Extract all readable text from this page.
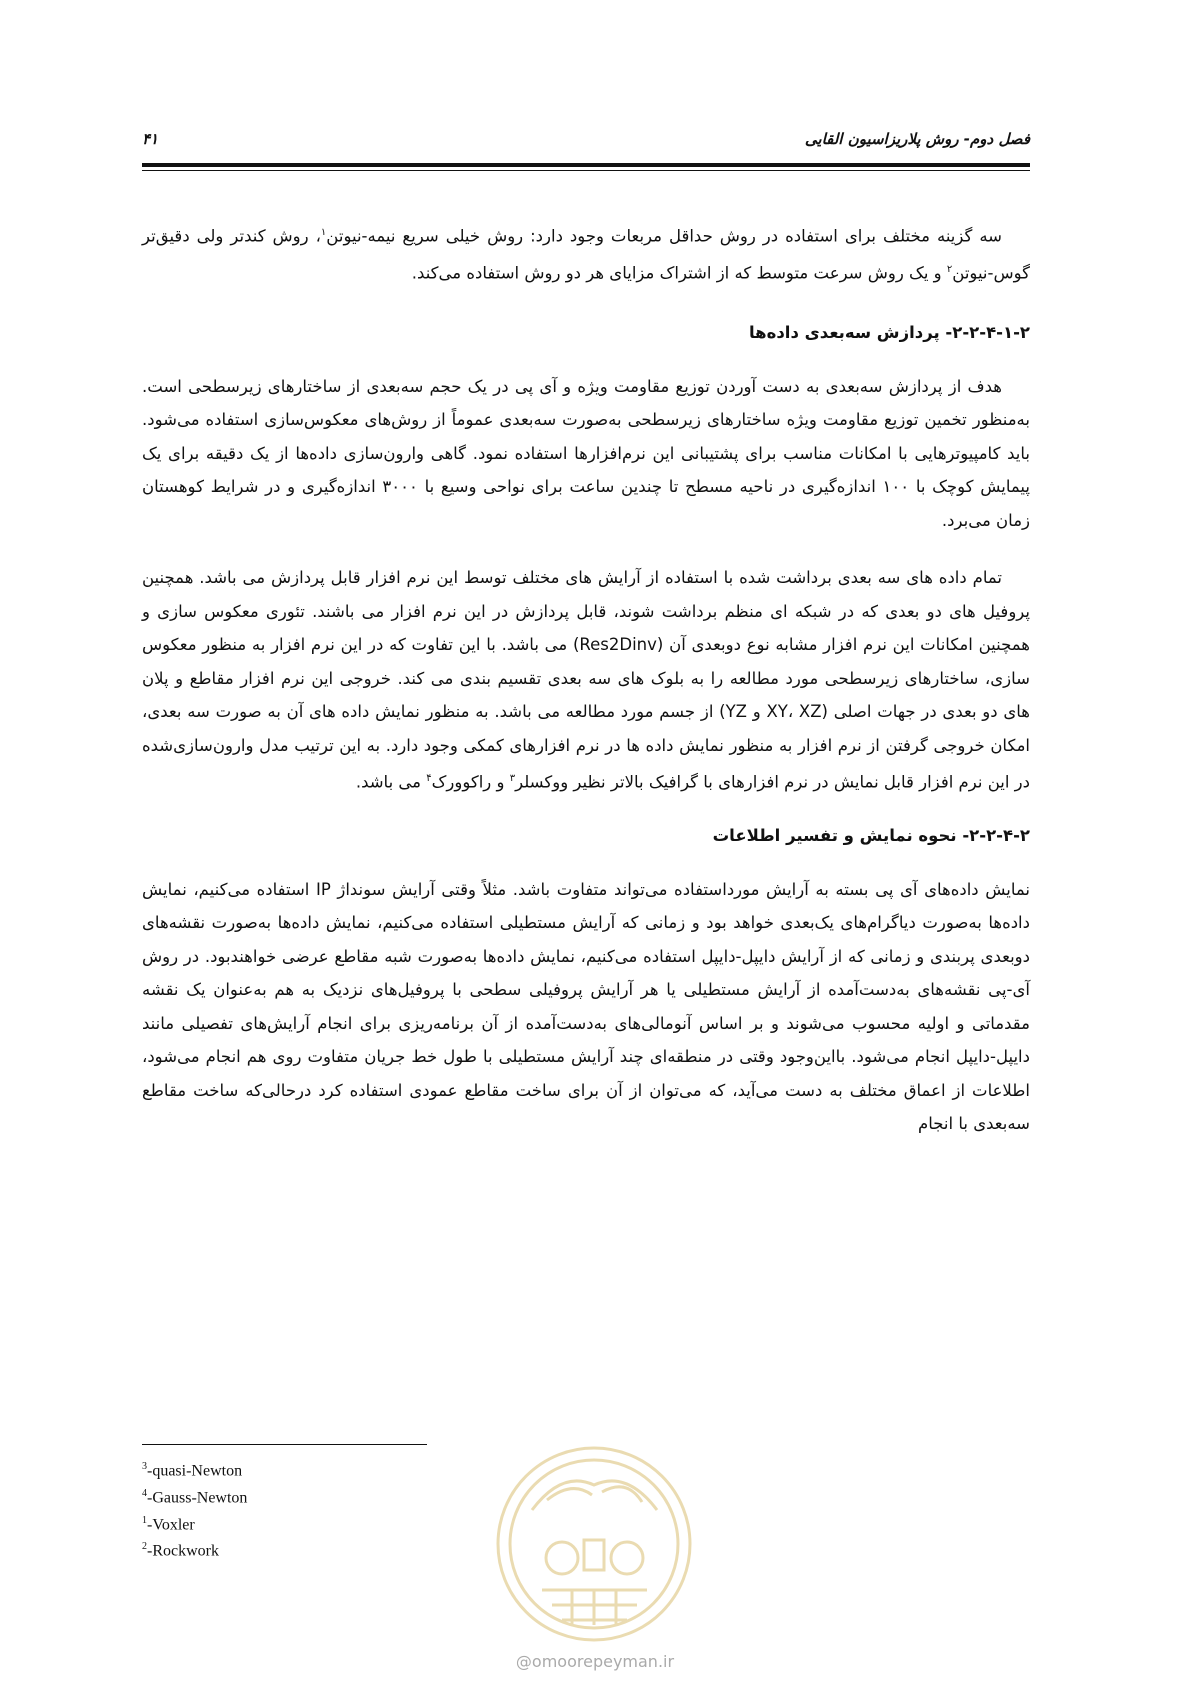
فصل دوم- روش پلاریزاسیون القایی
۴۱

سه گزینه مختلف برای استفاده در روش حداقل مربعات وجود دارد: روش خیلی سریع نیمه-نیوتن$^۱$، روش کندتر ولی دقیق‌تر گوس-نیوتن$^۲$ و یک روش سرعت متوسط که از اشتراک مزایای هر دو روش استفاده می‌کند.

۲-۲-۴-۱-۲- پردازش سه‌بعدی داده‌ها

هدف از پردازش سه‌بعدی به دست آوردن توزیع مقاومت ویژه و آی پی در یک حجم سه‌بعدی از ساختارهای زیرسطحی است. به‌منظور تخمین توزیع مقاومت ویژه ساختارهای زیرسطحی به‌صورت سه‌بعدی عموماً از روش‌های معکوس‌سازی استفاده می‌شود. باید کامپیوترهایی با امکانات مناسب برای پشتیبانی این نرم‌افزارها استفاده نمود. گاهی وارون‌سازی داده‌ها از یک دقیقه برای یک پیمایش کوچک با ۱۰۰ اندازه‌گیری در ناحیه مسطح تا چندین ساعت برای نواحی وسیع با ۳۰۰۰ اندازه‌گیری و در شرایط کوهستان زمان می‌برد.

تمام داده های سه بعدی برداشت شده با استفاده از آرایش های مختلف توسط این نرم افزار قابل پردازش می باشد. همچنین پروفیل های دو بعدی که در شبکه ای منظم برداشت شوند، قابل پردازش در این نرم افزار می باشند. تئوری معکوس سازی و همچنین امکانات این نرم افزار مشابه نوع دوبعدی آن (Res2Dinv) می باشد. با این تفاوت که در این نرم افزار به منظور معکوس سازی، ساختارهای زیرسطحی مورد مطالعه را به بلوک های سه بعدی تقسیم بندی می کند. خروجی این نرم افزار مقاطع و پلان های دو بعدی در جهات اصلی (XY، XZ و YZ) از جسم مورد مطالعه می باشد. به منظور نمایش داده های آن به صورت سه بعدی، امکان خروجی گرفتن از نرم افزار به منظور نمایش داده ها در نرم افزارهای کمکی وجود دارد. به این ترتیب مدل وارون‌سازی‌شده در این نرم افزار قابل نمایش در نرم افزارهای با گرافیک بالاتر نظیر ووکسلر$^۳$ و راکوورک$^۴$ می باشد.

۲-۲-۴-۲- نحوه نمایش و تفسیر اطلاعات

نمایش داده‌های آی پی بسته به آرایش مورداستفاده می‌تواند متفاوت باشد. مثلاً وقتی آرایش سونداژ IP استفاده می‌کنیم، نمایش داده‌ها به‌صورت دیاگرام‌های یک‌بعدی خواهد بود و زمانی که آرایش مستطیلی استفاده می‌کنیم، نمایش داده‌ها به‌صورت نقشه‌های دوبعدی پربندی و زمانی که از آرایش دایپل-دایپل استفاده می‌کنیم، نمایش داده‌ها به‌صورت شبه مقاطع عرضی خواهندبود. در روش آی-پی نقشه‌های به‌دست‌آمده از آرایش مستطیلی یا هر آرایش پروفیلی سطحی با پروفیل‌های نزدیک به هم به‌عنوان یک نقشه مقدماتی و اولیه محسوب می‌شوند و بر اساس آنومالی‌های به‌دست‌آمده از آن برنامه‌ریزی برای انجام آرایش‌های تفصیلی مانند دایپل-دایپل انجام می‌شود. بااین‌وجود وقتی در منطقه‌ای چند آرایش مستطیلی با طول خط جریان متفاوت روی هم انجام می‌شود، اطلاعات از اعماق مختلف به دست می‌آید، که می‌توان از آن برای ساخت مقاطع عمودی استفاده کرد درحالی‌که ساخت مقاطع سه‌بعدی با انجام

$^3$-quasi-Newton
$^4$-Gauss-Newton
$^1$-Voxler
$^2$-Rockwork
@omoorepeyman.ir
